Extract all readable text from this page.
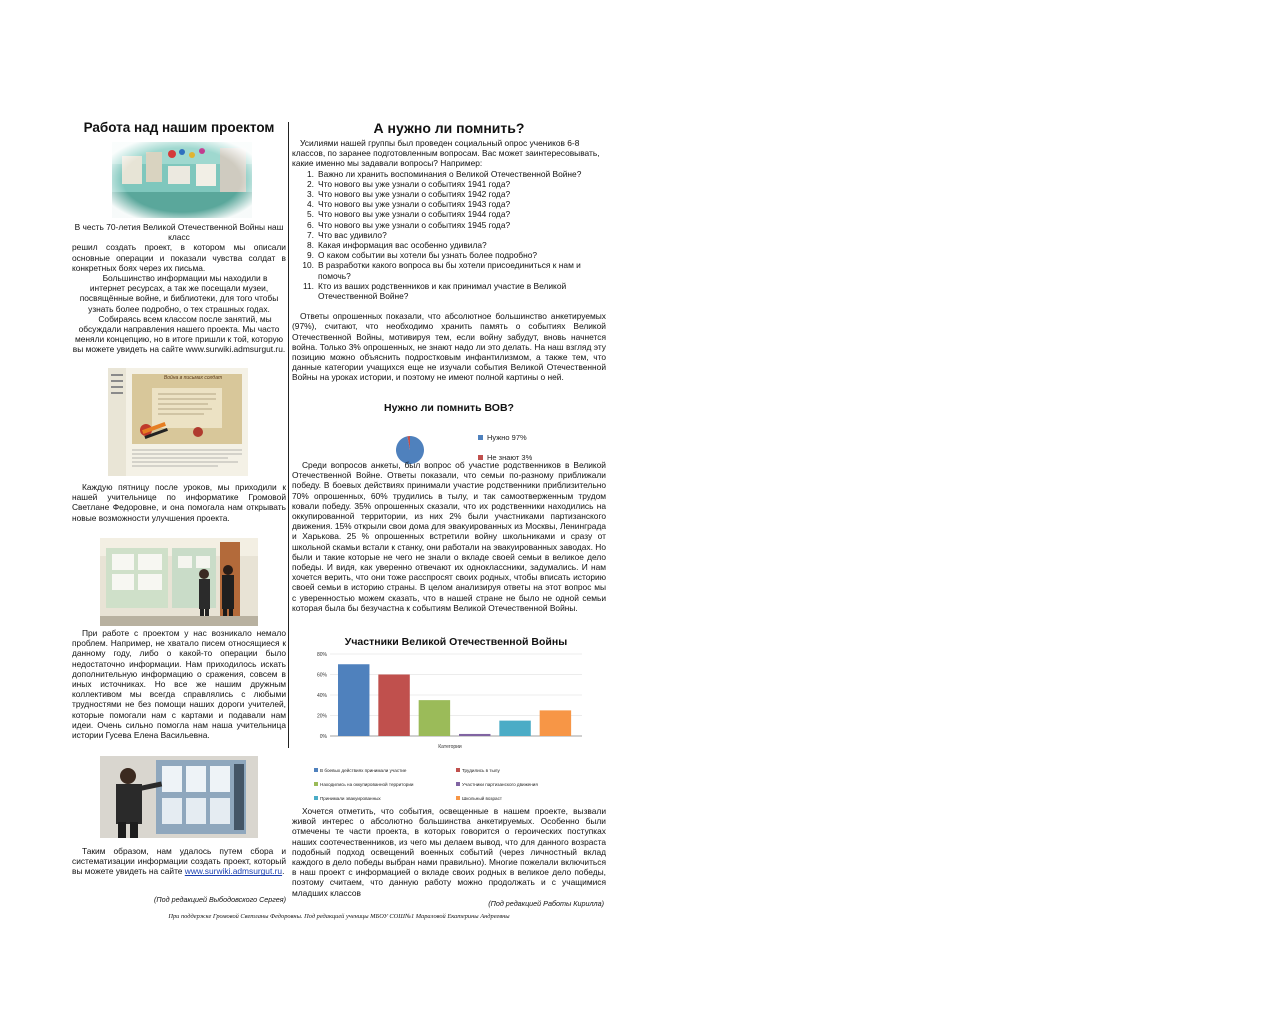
Работа над нашим проектом
В честь 70-летия Великой Отечественной Войны наш класс
решил создать проект, в котором мы описали основные операции и показали чувства солдат в конкретных боях через их письма.
Большинство информации мы находили в интернет ресурсах, а так же посещали музеи, посвящённые войне, и библиотеки, для того чтобы узнать более подробно, о тех страшных годах.
Собираясь всем классом после занятий, мы обсуждали направления нашего проекта. Мы часто меняли концепцию, но в итоге пришли к той, которую вы можете увидеть на сайте www.surwiki.admsurgut.ru.
Война в письмах солдат
Каждую пятницу после уроков, мы приходили к нашей учительнице по информатике Громовой Светлане Федоровне, и она помогала нам открывать новые возможности улучшения проекта.
При работе с проектом у нас возникало немало проблем. Например, не хватало писем относящиеся к данному году, либо о какой-то операции было недостаточно информации. Нам приходилось искать дополнительную информацию о сражения, совсем в иных источниках. Но все же нашим дружным коллективом мы всегда справлялись с любыми трудностями не без помощи наших дороги учителей, которые помогали нам с картами и подавали нам идеи. Очень сильно помогла нам наша учительница истории Гусева Елена Васильевна.
Таким образом, нам удалось путем сбора и систематизации информации создать проект, который вы можете увидеть на сайте www.surwiki.admsurgut.ru.
(Под редакцией Выбодовского Сергея)
А нужно ли помнить?
Усилиями нашей группы был проведен социальный опрос учеников 6-8 классов, по заранее подготовленным вопросам. Вас может заинтересовывать, какие именно мы задавали вопросы? Например:
1. Важно ли хранить воспоминания о Великой Отечественной Войне?
2. Что нового вы уже узнали о событиях 1941 года?
3. Что нового вы уже узнали о событиях 1942 года?
4. Что нового вы уже узнали о событиях 1943 года?
5. Что нового вы уже узнали о событиях 1944 года?
6. Что нового вы уже узнали о событиях 1945 года?
7. Что вас удивило?
8. Какая информация вас особенно удивила?
9. О каком событии вы хотели бы узнать более подробно?
10. В разработки какого вопроса вы бы хотели присоединиться к нам и помочь?
11. Кто из ваших родственников и как принимал участие в Великой Отечественной Войне?
Ответы опрошенных показали, что абсолютное большинство анкетируемых (97%), считают, что необходимо хранить память о событиях Великой Отечественной Войны, мотивируя тем, если войну забудут, вновь начнется война. Только 3% опрошенных, не знают надо ли это делать. На наш взгляд эту позицию можно объяснить подростковым инфантилизмом, а также тем, что данные категории учащихся еще не изучали события Великой Отечественной Войны на уроках истории, и поэтому не имеют полной картины о ней.
Нужно ли помнить ВОВ?
Нужно 97%
Не знают 3%
Среди вопросов анкеты, был вопрос об участие родственников в Великой Отечественной Войне. Ответы показали, что семьи по-разному приближали победу. В боевых действиях принимали участие родственники приблизительно 70% опрошенных, 60% трудились в тылу, и так самоотверженным трудом ковали победу. 35% опрошенных сказали, что их родственники находились на оккупированной территории, из них 2% были участниками партизанского движения. 15% открыли свои дома для эвакуированных из Москвы, Ленинграда и Харькова. 25 % опрошенных встретили войну школьниками и сразу от школьной скамьи встали к станку, они работали на эвакуированных заводах. Но были и такие которые не чего не знали о вкладе своей семьи в великое дело победы. И видя, как уверенно отвечают их одноклассники, задумались. И нам хочется верить, что они тоже расспросят своих родных, чтобы вписать историю своей семьи в историю страны. В целом анализируя ответы на этот вопрос мы с уверенностью можем сказать, что в нашей стране не было не одной семьи которая была бы безучастна к событиям Великой Отечественной Войны.
Участники Великой Отечественной Войны
0%
20%
40%
60%
80%
Категории
В боевых действиях принимали участие	Трудились в тылу
Находились на оккупированной территории	Участники партизанского движения
Принимали эвакуированных	Школьный возраст
Хочется отметить, что события, освещенные в нашем проекте, вызвали живой интерес о абсолютно большинства анкетируемых. Особенно были отмечены те части проекта, в которых говорится о героических поступках наших соотечественников, из чего мы делаем вывод, что для данного возраста подобный подход освещений военных событий (через личностный вклад каждого в дело победы выбран нами правильно). Многие пожелали включиться в наш проект с информацией о вкладе своих родных в великое дело победы, поэтому считаем, что данную работу можно продолжать и с учащимися младших классов
(Под редакцией Работы Кирилла)
При поддержке Громовой Светланы Федоровны. Под редакцией ученицы МБОУ СОШ№1 Мараловой Екатерины Андреевны
